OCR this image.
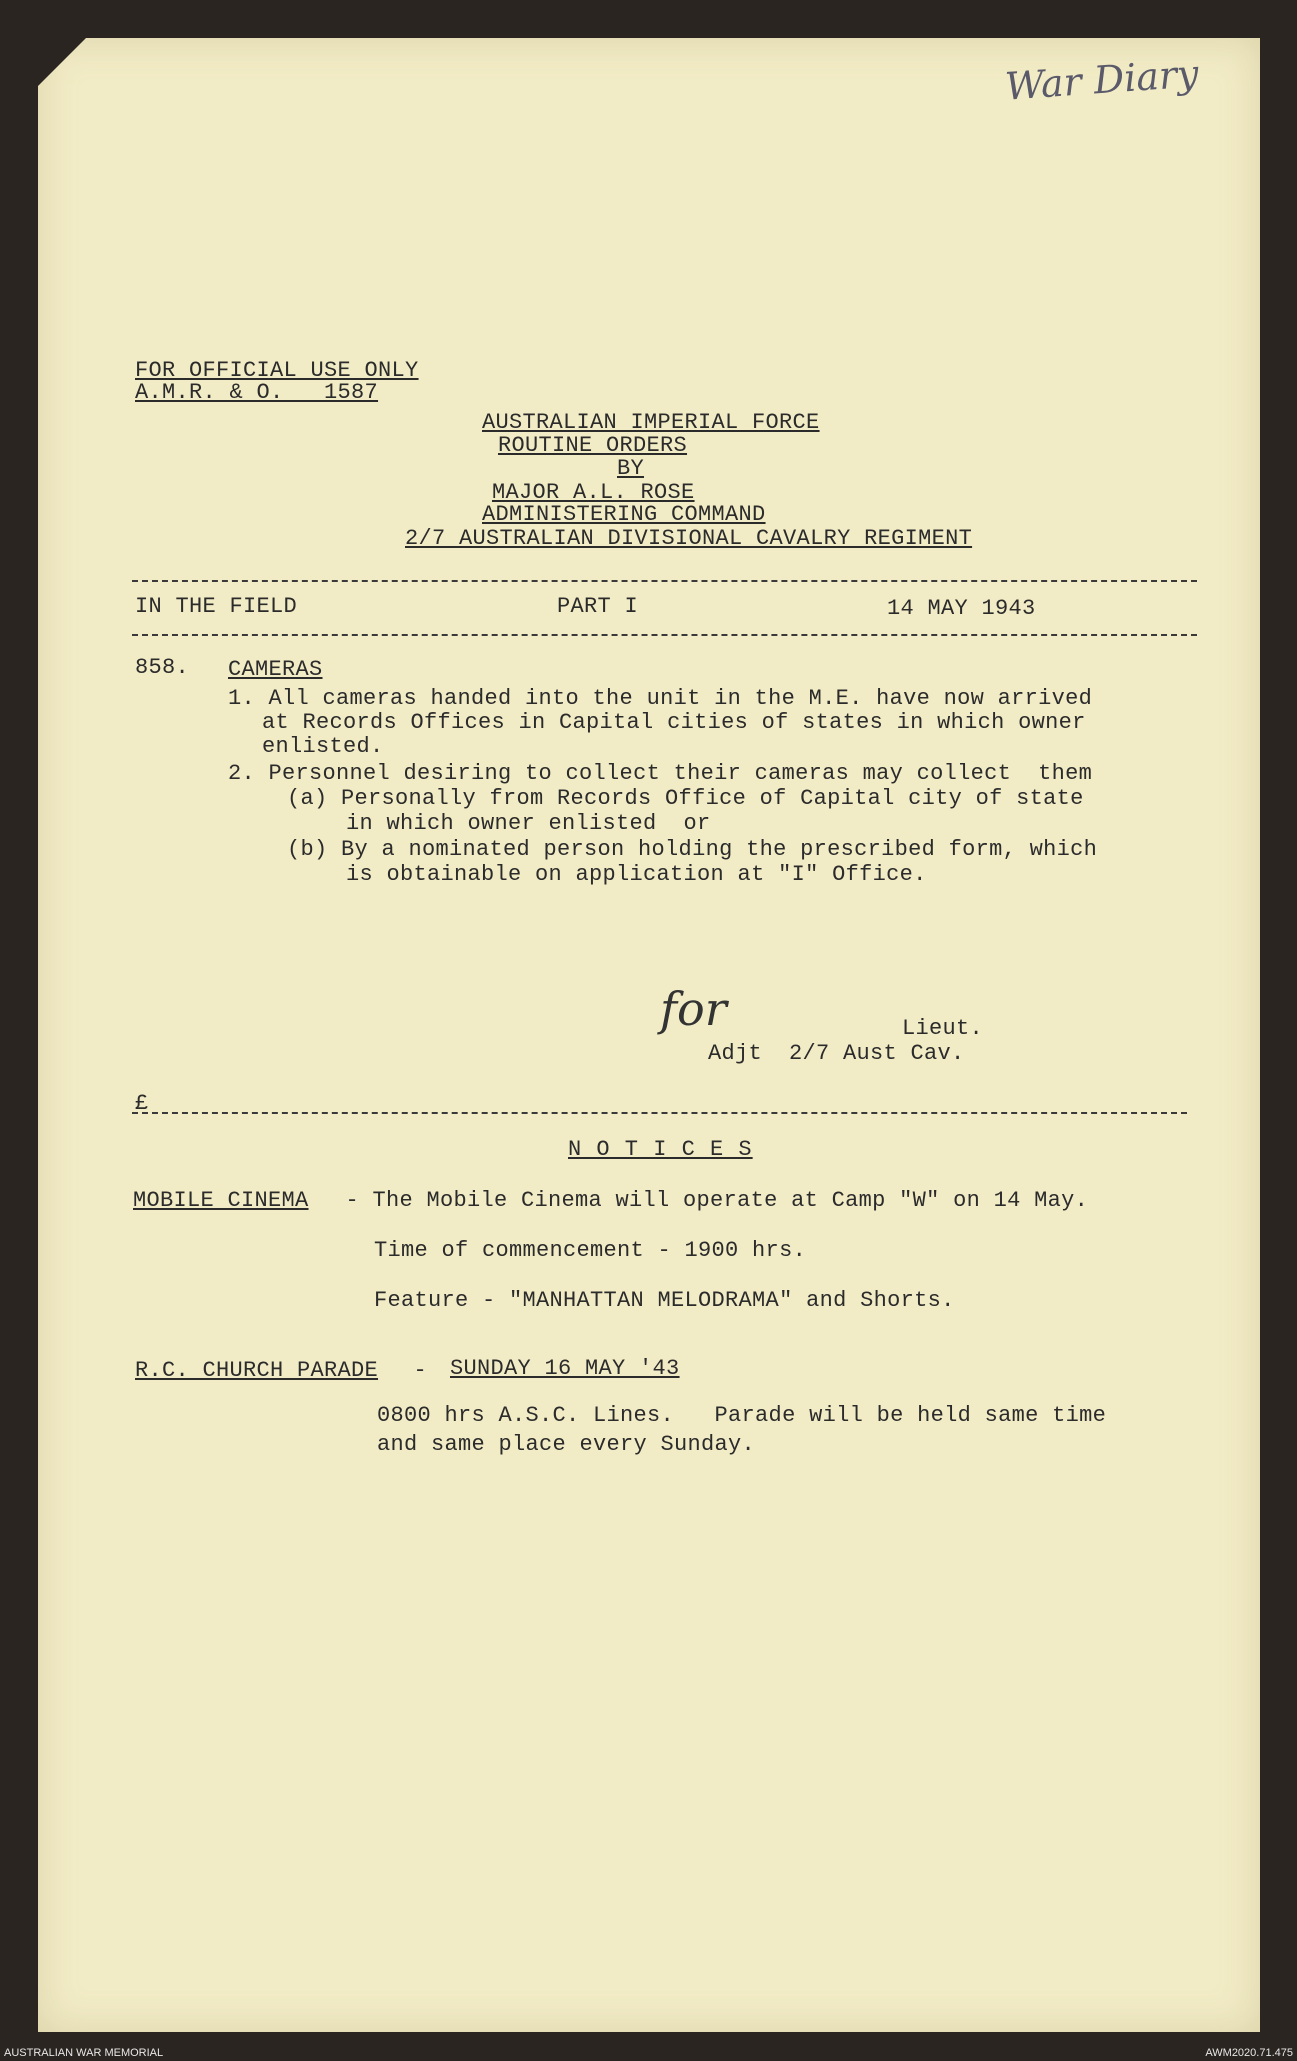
War Diary
FOR OFFICIAL USE ONLY
A.M.R. & O.   1587
AUSTRALIAN IMPERIAL FORCE
ROUTINE ORDERS
BY
MAJOR A.L. ROSE
ADMINISTERING COMMAND
2/7 AUSTRALIAN DIVISIONAL CAVALRY REGIMENT
IN THE FIELD	PART I	14 MAY 1943
858. CAMERAS
1. All cameras handed into the unit in the M.E. have now arrived
at Records Offices in Capital cities of states in which owner
enlisted.
2. Personnel desiring to collect their cameras may collect  them
(a) Personally from Records Office of Capital city of state
in which owner enlisted  or
(b) By a nominated person holding the prescribed form, which
is obtainable on application at "I" Office.
for	Lieut.
Adjt  2/7 Aust Cav.
£
N O T I C E S
MOBILE CINEMA - The Mobile Cinema will operate at Camp "W" on 14 May.
Time of commencement - 1900 hrs.
Feature - "MANHATTAN MELODRAMA" and Shorts.
R.C. CHURCH PARADE - SUNDAY 16 MAY '43
0800 hrs A.S.C. Lines.   Parade will be held same time
and same place every Sunday.
AUSTRALIAN WAR MEMORIAL	AWM2020.71.475
